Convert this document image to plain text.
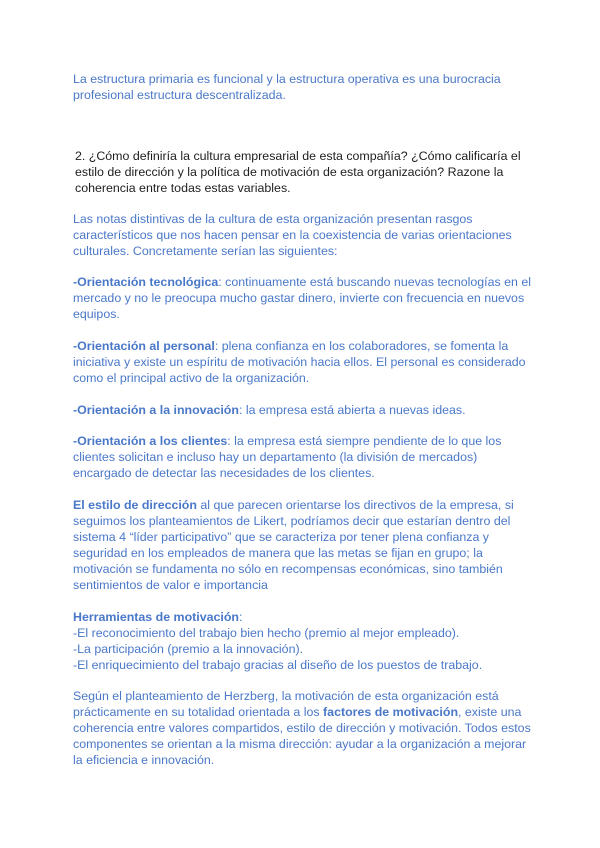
La estructura primaria es funcional y la estructura operativa es una burocracia
profesional estructura descentralizada.

2. ¿Cómo definiría la cultura empresarial de esta compañía? ¿Cómo calificaría el
estilo de dirección y la política de motivación de esta organización? Razone la
coherencia entre todas estas variables.

Las notas distintivas de la cultura de esta organización presentan rasgos
característicos que nos hacen pensar en la coexistencia de varias orientaciones
culturales. Concretamente serían las siguientes:

-Orientación tecnológica: continuamente está buscando nuevas tecnologías en el
mercado y no le preocupa mucho gastar dinero, invierte con frecuencia en nuevos
equipos.

-Orientación al personal: plena confianza en los colaboradores, se fomenta la
iniciativa y existe un espíritu de motivación hacia ellos. El personal es considerado
como el principal activo de la organización.

-Orientación a la innovación: la empresa está abierta a nuevas ideas.

-Orientación a los clientes: la empresa está siempre pendiente de lo que los
clientes solicitan e incluso hay un departamento (la división de mercados)
encargado de detectar las necesidades de los clientes.

El estilo de dirección al que parecen orientarse los directivos de la empresa, si
seguimos los planteamientos de Likert, podríamos decir que estarían dentro del
sistema 4 “líder participativo” que se caracteriza por tener plena confianza y
seguridad en los empleados de manera que las metas se fijan en grupo; la
motivación se fundamenta no sólo en recompensas económicas, sino también
sentimientos de valor e importancia

Herramientas de motivación:
-El reconocimiento del trabajo bien hecho (premio al mejor empleado).
-La participación (premio a la innovación).
-El enriquecimiento del trabajo gracias al diseño de los puestos de trabajo.

Según el planteamiento de Herzberg, la motivación de esta organización está
prácticamente en su totalidad orientada a los factores de motivación, existe una
coherencia entre valores compartidos, estilo de dirección y motivación. Todos estos
componentes se orientan a la misma dirección: ayudar a la organización a mejorar
la eficiencia e innovación.
